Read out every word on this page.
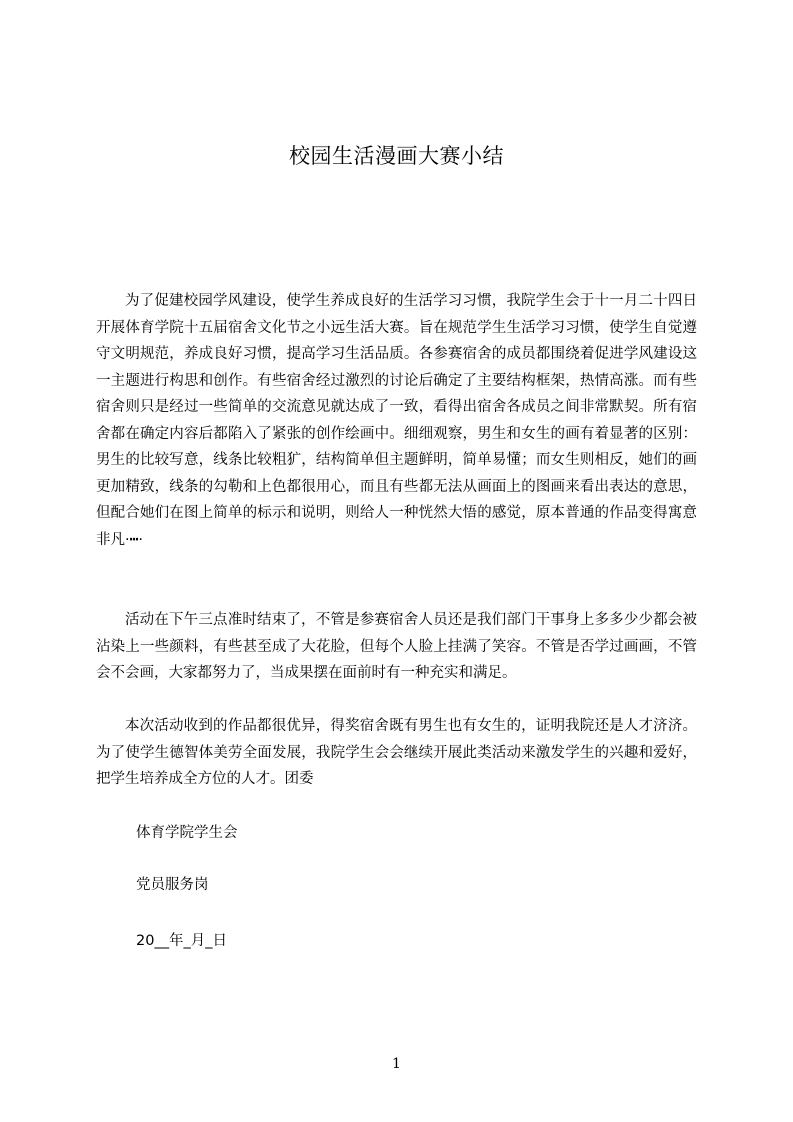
校园生活漫画大赛小结

为了促建校园学风建设，使学生养成良好的生活学习习惯，我院学生会于十一月二十四日开展体育学院十五届宿舍文化节之小远生活大赛。旨在规范学生生活学习习惯，使学生自觉遵守文明规范，养成良好习惯，提高学习生活品质。各参赛宿舍的成员都围绕着促进学风建设这一主题进行构思和创作。有些宿舍经过激烈的讨论后确定了主要结构框架，热情高涨。而有些宿舍则只是经过一些简单的交流意见就达成了一致，看得出宿舍各成员之间非常默契。所有宿舍都在确定内容后都陷入了紧张的创作绘画中。细细观察，男生和女生的画有着显著的区别：男生的比较写意，线条比较粗犷，结构简单但主题鲜明，简单易懂；而女生则相反，她们的画更加精致，线条的勾勒和上色都很用心，而且有些都无法从画面上的图画来看出表达的意思，但配合她们在图上简单的标示和说明，则给人一种恍然大悟的感觉，原本普通的作品变得寓意非凡·┅·

活动在下午三点准时结束了，不管是参赛宿舍人员还是我们部门干事身上多多少少都会被沾染上一些颜料，有些甚至成了大花脸，但每个人脸上挂满了笑容。不管是否学过画画，不管会不会画，大家都努力了，当成果摆在面前时有一种充实和满足。

本次活动收到的作品都很优异，得奖宿舍既有男生也有女生的，证明我院还是人才济济。为了使学生德智体美劳全面发展，我院学生会会继续开展此类活动来激发学生的兴趣和爱好，把学生培养成全方位的人才。团委

体育学院学生会

党员服务岗

20__年_月_日

1
